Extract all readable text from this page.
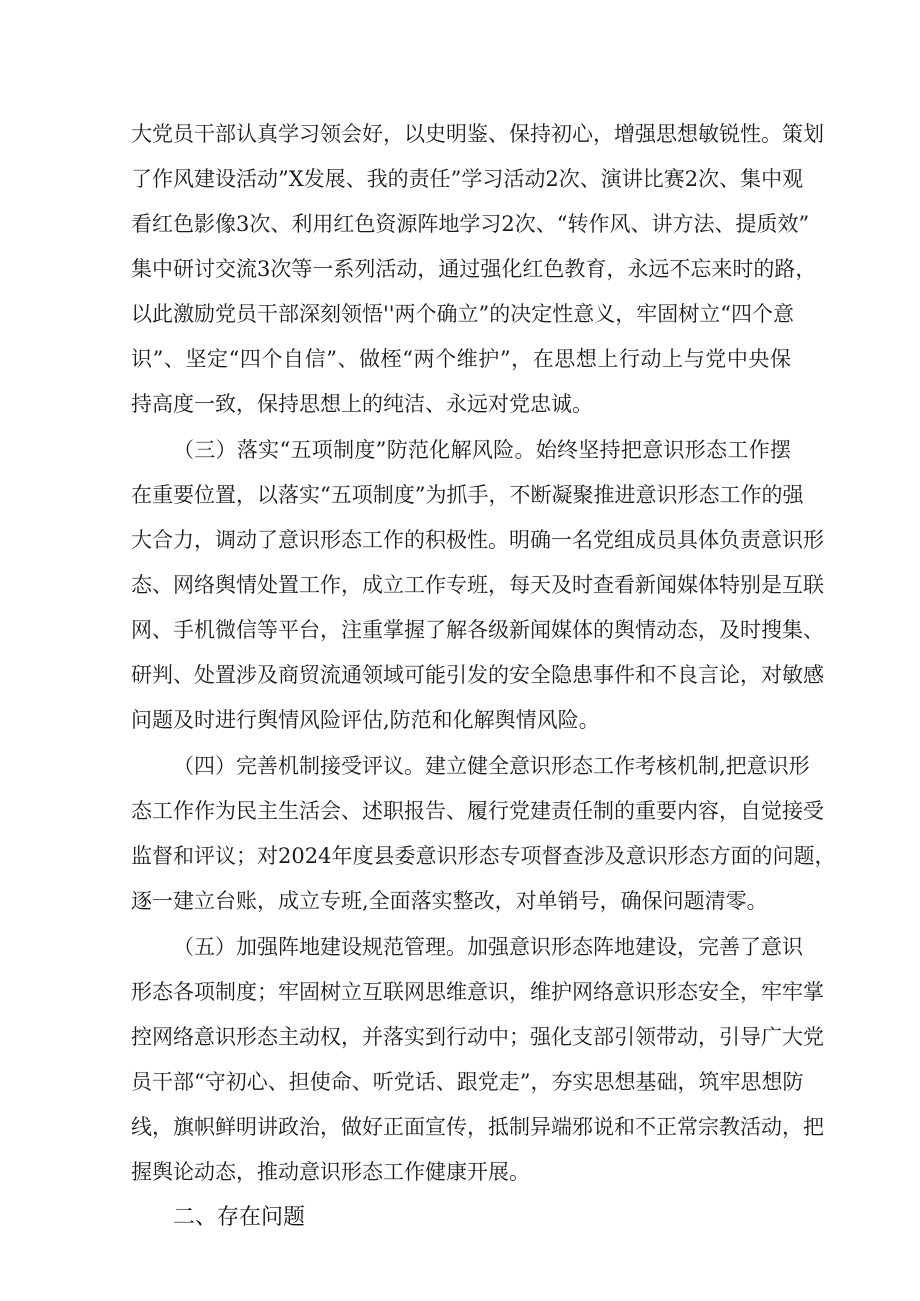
大党员干部认真学习领会好，以史明鉴、保持初心，增强思想敏锐性。策划
了作风建设活动”X发展、我的责任”学习活动2次、演讲比赛2次、集中观
看红色影像3次、利用红色资源阵地学习2次、“转作风、讲方法、提质效”
集中研讨交流3次等一系列活动，通过强化红色教育，永远不忘来时的路，
以此激励党员干部深刻领悟''两个确立”的决定性意义，牢固树立“四个意
识”、坚定“四个自信”、做桎“两个维护”，在思想上行动上与党中央保
持高度一致，保持思想上的纯洁、永远对党忠诚。
（三）落实“五项制度”防范化解风险。始终坚持把意识形态工作摆
在重要位置，以落实“五项制度”为抓手，不断凝聚推进意识形态工作的强
大合力，调动了意识形态工作的积极性。明确一名党组成员具体负责意识形
态、网络舆情处置工作，成立工作专班，每天及时查看新闻媒体特别是互联
网、手机微信等平台，注重掌握了解各级新闻媒体的舆情动态，及时搜集、
研判、处置涉及商贸流通领域可能引发的安全隐患事件和不良言论，对敏感
问题及时进行舆情风险评估,防范和化解舆情风险。
（四）完善机制接受评议。建立健全意识形态工作考核机制,把意识形
态工作作为民主生活会、述职报告、履行党建责任制的重要内容，自觉接受
监督和评议；对2024年度县委意识形态专项督查涉及意识形态方面的问题，
逐一建立台账，成立专班,全面落实整改，对单销号，确保问题清零。
（五）加强阵地建设规范管理。加强意识形态阵地建设，完善了意识
形态各项制度；牢固树立互联网思维意识，维护网络意识形态安全，牢牢掌
控网络意识形态主动权，并落实到行动中；强化支部引领带动，引导广大党
员干部“守初心、担使命、听党话、跟党走”，夯实思想基础，筑牢思想防
线，旗帜鲜明讲政治，做好正面宣传，抵制异端邪说和不正常宗教活动，把
握舆论动态，推动意识形态工作健康开展。
二、存在问题
